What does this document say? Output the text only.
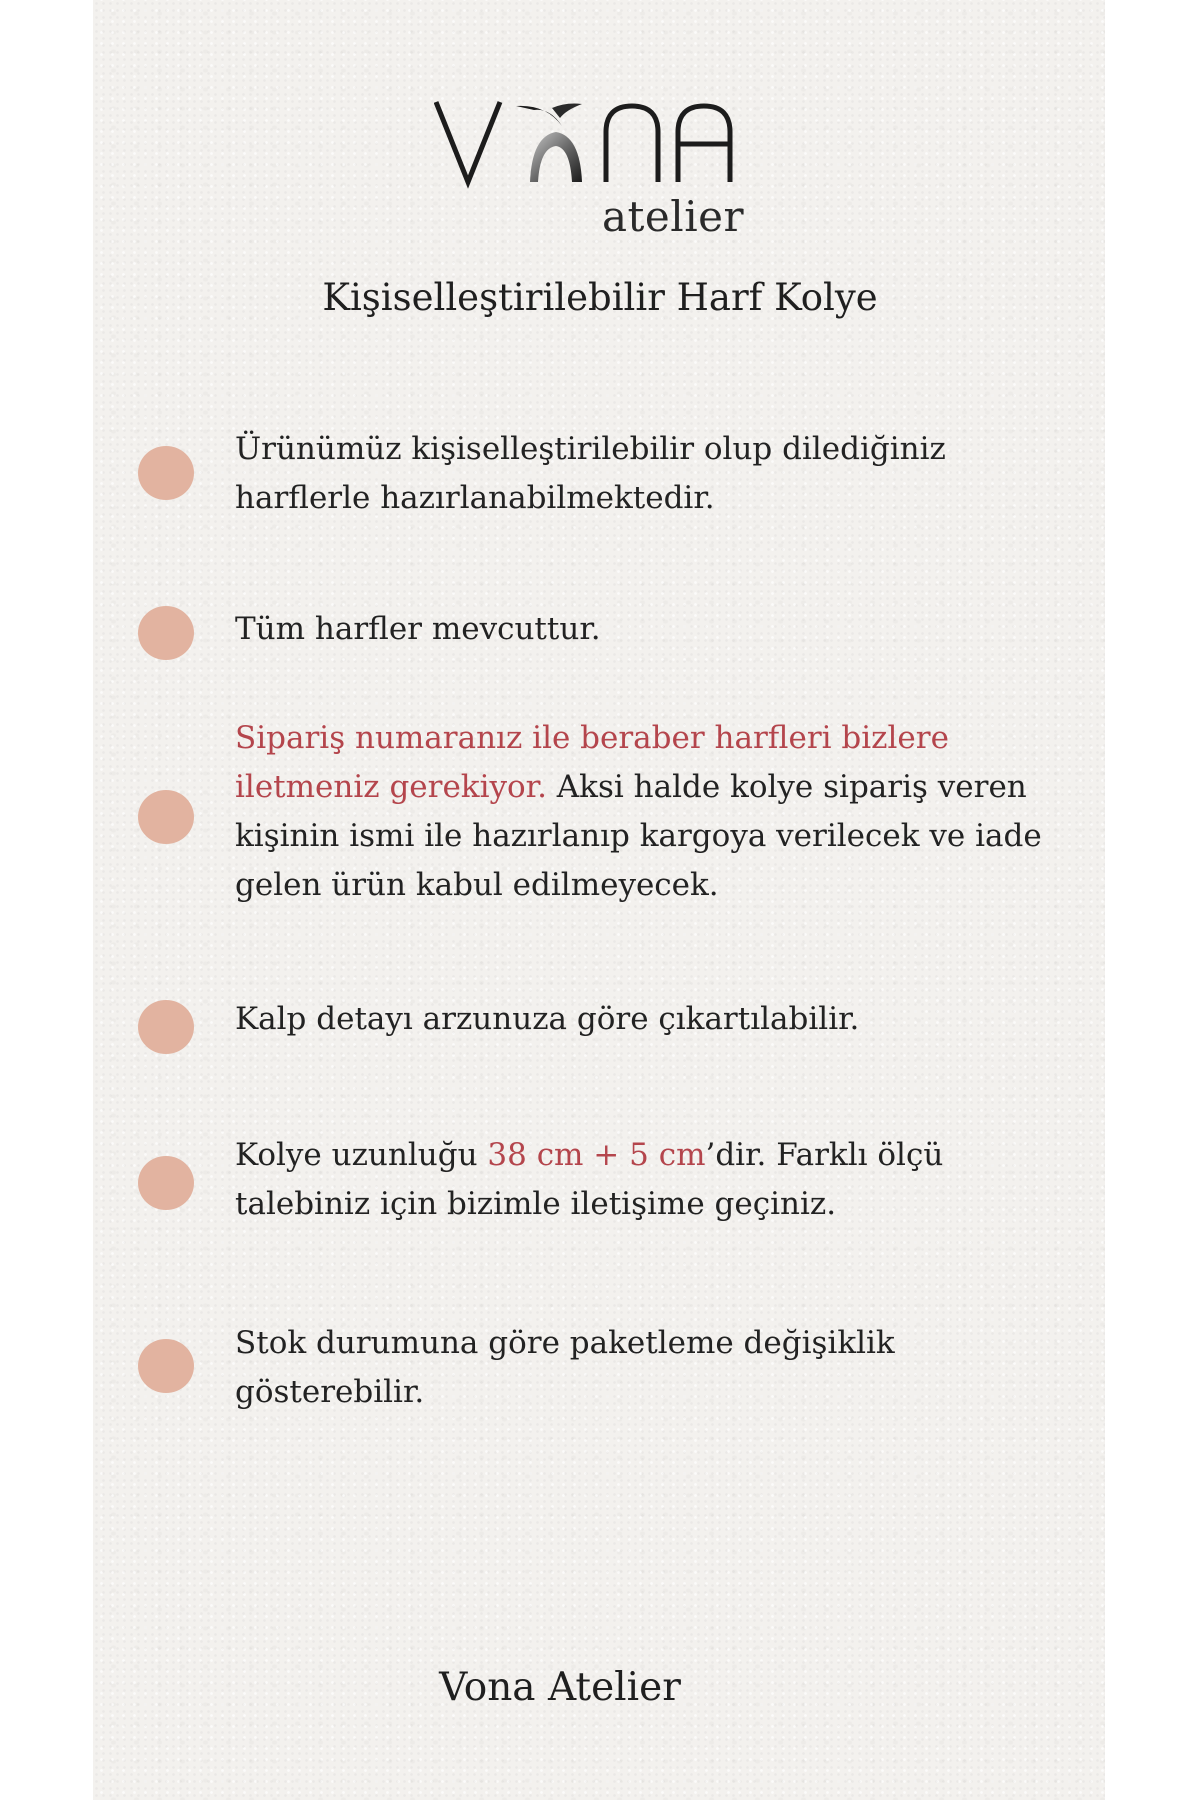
atelier
Kişiselleştirilebilir Harf Kolye
Ürünümüz kişiselleştirilebilir olup dilediğiniz harflerle hazırlanabilmektedir.
Tüm harfler mevcuttur.
Sipariş numaranız ile beraber harfleri bizlere iletmeniz gerekiyor. Aksi halde kolye sipariş veren kişinin ismi ile hazırlanıp kargoya verilecek ve iade gelen ürün kabul edilmeyecek.
Kalp detayı arzunuza göre çıkartılabilir.
Kolye uzunluğu 38 cm + 5 cm’dir. Farklı ölçü talebiniz için bizimle iletişime geçiniz.
Stok durumuna göre paketleme değişiklik gösterebilir.
Vona Atelier
